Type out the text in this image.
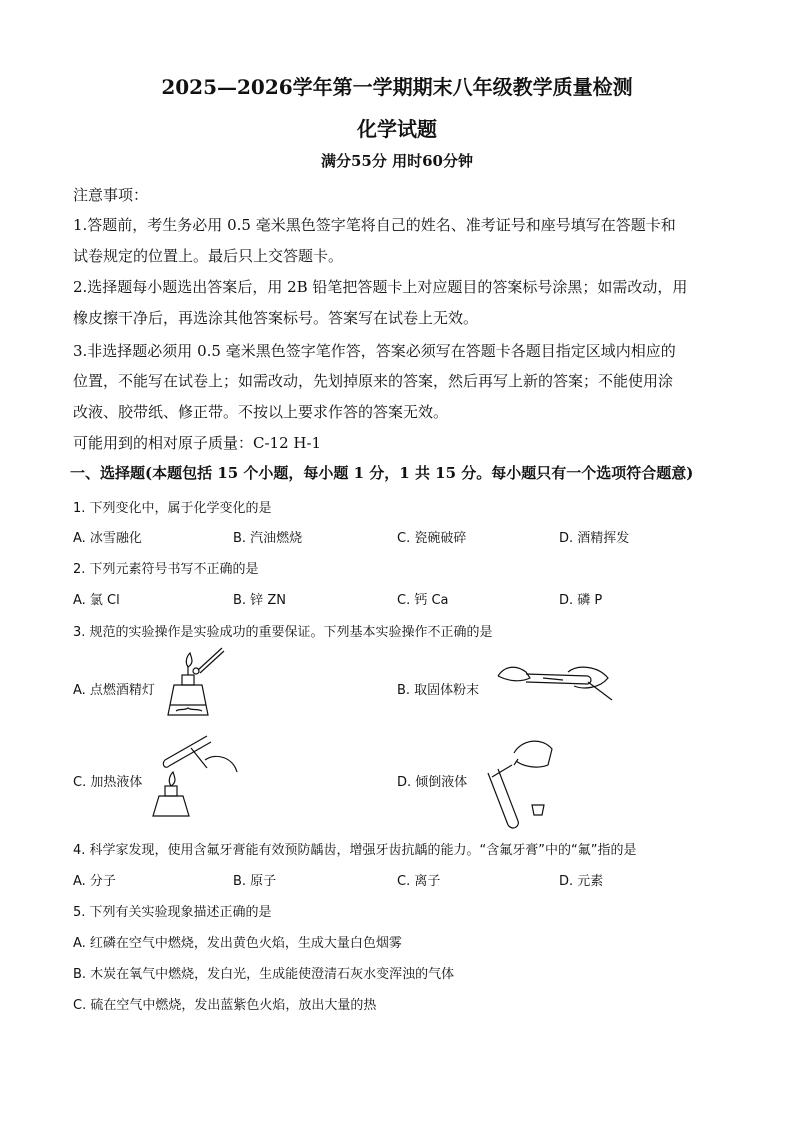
2025—2026学年第一学期期末八年级教学质量检测
化学试题
满分55分 用时60分钟
注意事项：
1.答题前，考生务必用 0.5 毫米黑色签字笔将自己的姓名、准考证号和座号填写在答题卡和
试卷规定的位置上。最后只上交答题卡。
2.选择题每小题选出答案后，用 2B 铅笔把答题卡上对应题目的答案标号涂黑；如需改动，用
橡皮擦干净后，再选涂其他答案标号。答案写在试卷上无效。
3.非选择题必须用 0.5 毫米黑色签字笔作答，答案必须写在答题卡各题目指定区域内相应的
位置，不能写在试卷上；如需改动，先划掉原来的答案，然后再写上新的答案；不能使用涂
改液、胶带纸、修正带。不按以上要求作答的答案无效。
可能用到的相对原子质量：C-12 H-1
一、选择题(本题包括 15 个小题，每小题 1 分，1 共 15 分。每小题只有一个选项符合题意)
1. 下列变化中，属于化学变化的是
A. 冰雪融化	B. 汽油燃烧	C. 瓷碗破碎	D. 酒精挥发
2. 下列元素符号书写不正确的是
A. 氯 Cl	B. 锌 ZN	C. 钙 Ca	D. 磷 P
3. 规范的实验操作是实验成功的重要保证。下列基本实验操作不正确的是
A. 点燃酒精灯	B. 取固体粉末
C. 加热液体	D. 倾倒液体
4. 科学家发现，使用含氟牙膏能有效预防龋齿，增强牙齿抗龋的能力。“含氟牙膏”中的“氟”指的是
A. 分子	B. 原子	C. 离子	D. 元素
5. 下列有关实验现象描述正确的是
A. 红磷在空气中燃烧，发出黄色火焰，生成大量白色烟雾
B. 木炭在氧气中燃烧，发白光，生成能使澄清石灰水变浑浊的气体
C. 硫在空气中燃烧，发出蓝紫色火焰，放出大量的热
